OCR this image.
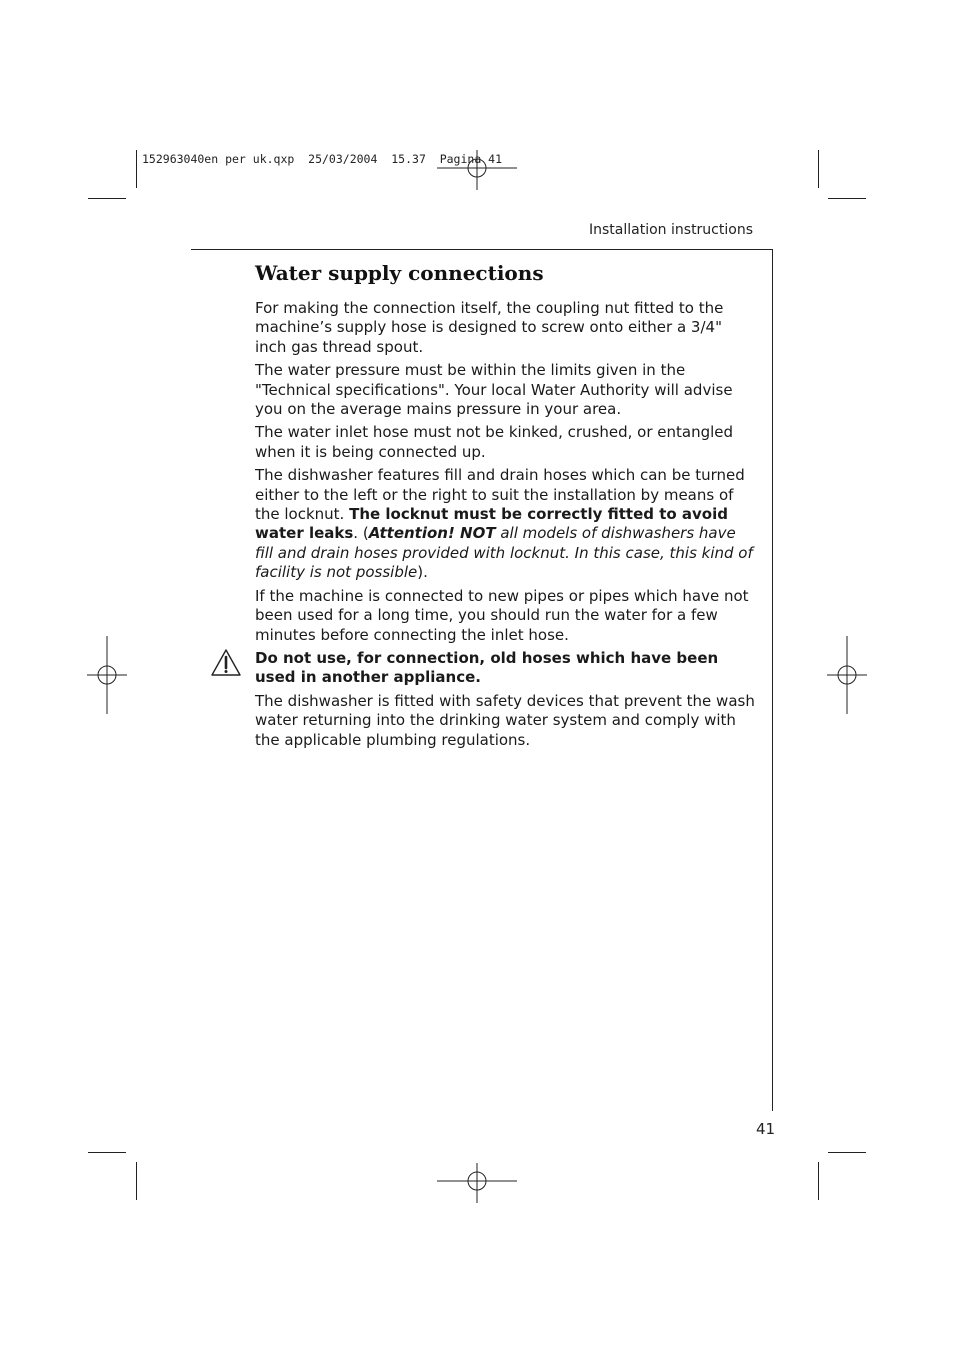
152963040en per uk.qxp  25/03/2004  15.37  Pagina 41
Installation instructions
Water supply connections

For making the connection itself, the coupling nut fitted to the machine’s supply hose is designed to screw onto either a 3/4" inch gas thread spout.

The water pressure must be within the limits given in the "Technical specifications". Your local Water Authority will advise you on the average mains pressure in your area.

The water inlet hose must not be kinked, crushed, or entangled when it is being connected up.

The dishwasher features fill and drain hoses which can be turned either to the left or the right to suit the installation by means of the locknut. The locknut must be correctly fitted to avoid water leaks. (Attention! NOT all models of dishwashers have fill and drain hoses provided with locknut. In this case, this kind of facility is not possible).

If the machine is connected to new pipes or pipes which have not been used for a long time, you should run the water for a few minutes before connecting the inlet hose.

Do not use, for connection, old hoses which have been used in another appliance.

The dishwasher is fitted with safety devices that prevent the wash water returning into the drinking water system and comply with the applicable plumbing regulations.

41
